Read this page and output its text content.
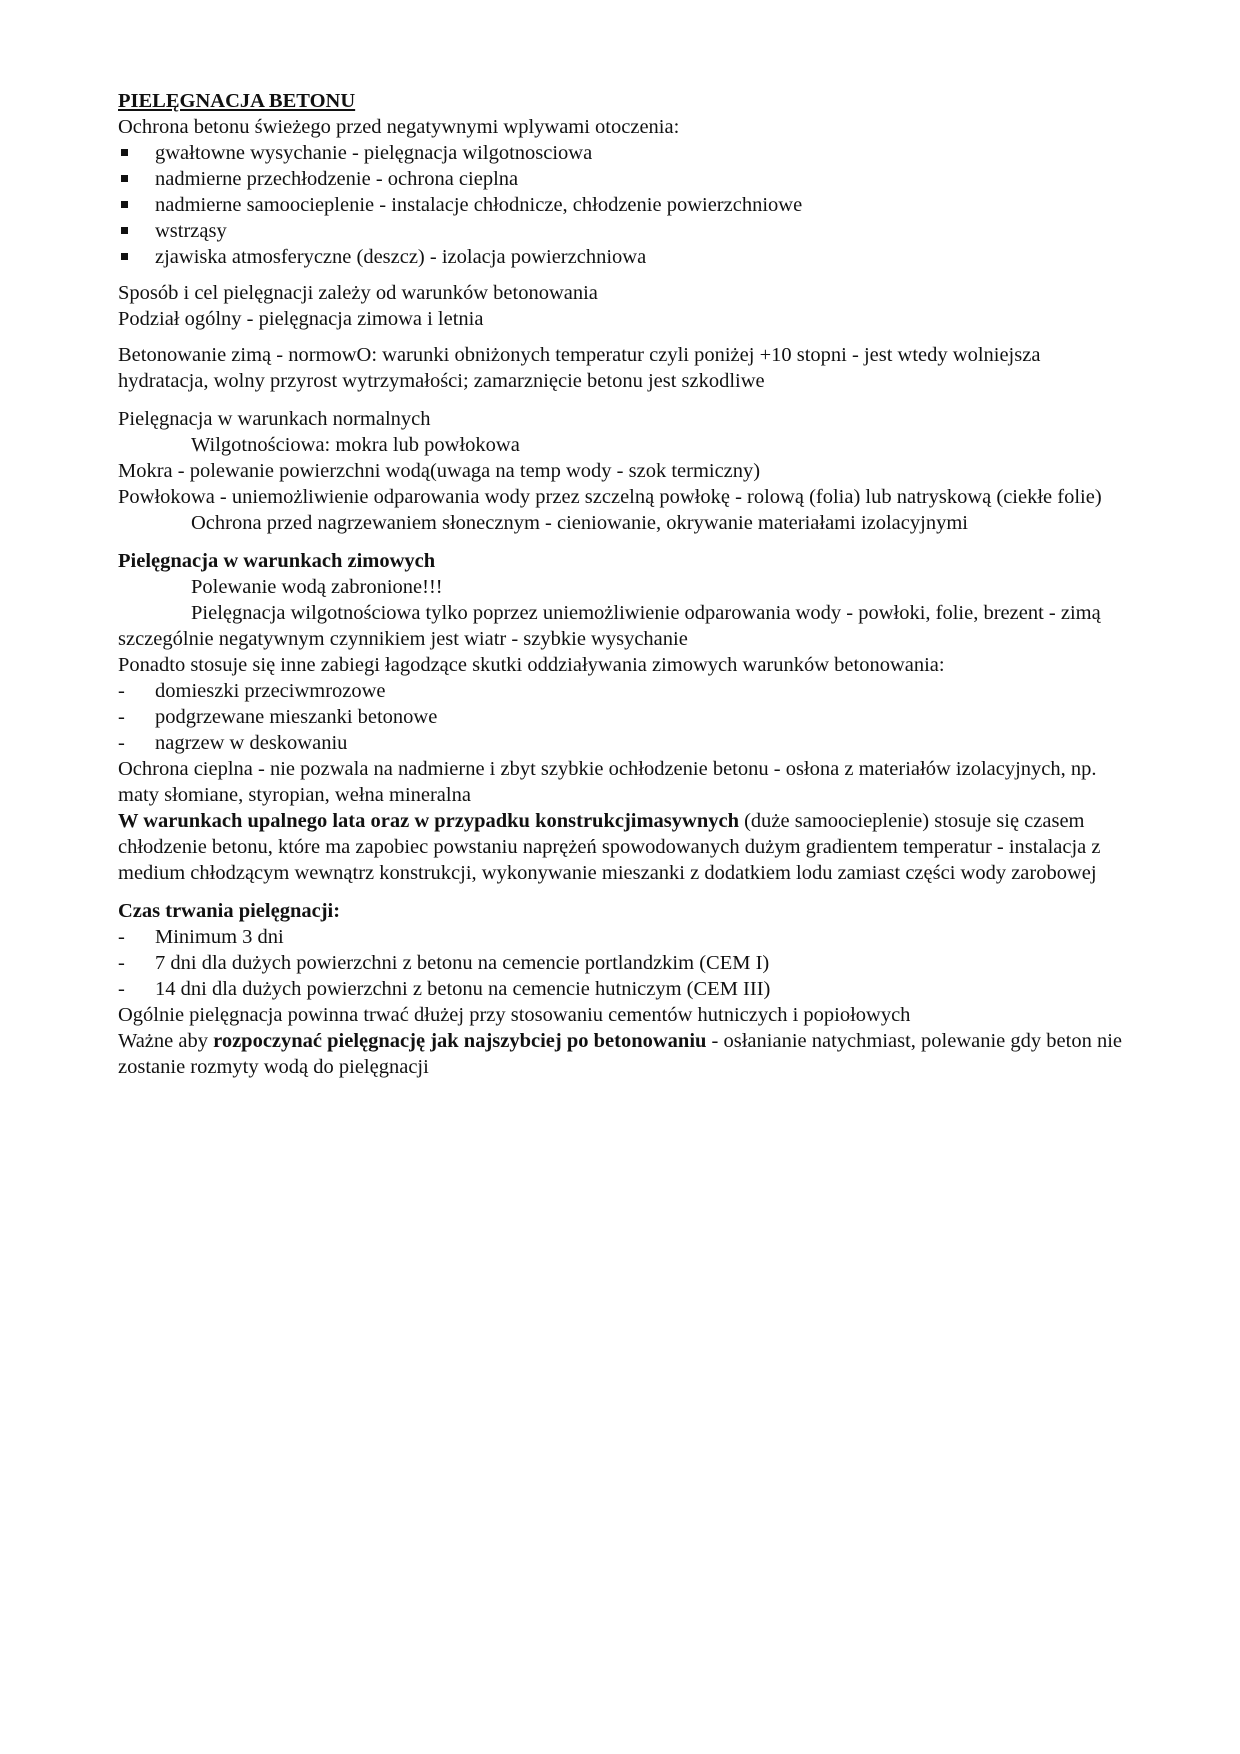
PIELĘGNACJA BETONU

Ochrona betonu świeżego przed negatywnymi wplywami otoczenia:

gwałtowne wysychanie - pielęgnacja wilgotnosciowa
nadmierne przechłodzenie - ochrona cieplna
nadmierne samoocieplenie - instalacje chłodnicze, chłodzenie powierzchniowe
wstrząsy
zjawiska atmosferyczne (deszcz) - izolacja powierzchniowa

Sposób i cel pielęgnacji zależy od warunków betonowania

Podział ogólny - pielęgnacja zimowa i letnia

Betonowanie zimą - normowO: warunki obniżonych temperatur czyli poniżej +10 stopni - jest wtedy wolniejsza hydratacja, wolny przyrost wytrzymałości; zamarznięcie betonu jest szkodliwe

Pielęgnacja w warunkach normalnych

Wilgotnościowa: mokra lub powłokowa

Mokra - polewanie powierzchni wodą(uwaga na temp wody - szok termiczny)

Powłokowa - uniemożliwienie odparowania wody przez szczelną powłokę - rolową (folia) lub natryskową (ciekłe folie)

Ochrona przed nagrzewaniem słonecznym - cieniowanie, okrywanie materiałami izolacyjnymi

Pielęgnacja w warunkach zimowych

Polewanie wodą zabronione!!!

Pielęgnacja wilgotnościowa tylko poprzez uniemożliwienie odparowania wody - powłoki, folie, brezent - zimą szczególnie negatywnym czynnikiem jest wiatr - szybkie wysychanie

Ponadto stosuje się inne zabiegi łagodzące skutki oddziaływania zimowych warunków betonowania:

- domieszki przeciwmrozowe
- podgrzewane mieszanki betonowe
- nagrzew w deskowaniu

Ochrona cieplna - nie pozwala na nadmierne i zbyt szybkie ochłodzenie betonu - osłona z materiałów izolacyjnych, np. maty słomiane, styropian, wełna mineralna

W warunkach upalnego lata oraz w przypadku konstrukcjimasywnych (duże samoocieplenie) stosuje się czasem chłodzenie betonu, które ma zapobiec powstaniu naprężeń spowodowanych dużym gradientem temperatur - instalacja z medium chłodzącym wewnątrz konstrukcji, wykonywanie mieszanki z dodatkiem lodu zamiast części wody zarobowej

Czas trwania pielęgnacji:

- Minimum 3 dni
- 7 dni dla dużych powierzchni z betonu na cemencie portlandzkim (CEM I)
- 14 dni dla dużych powierzchni z betonu na cemencie hutniczym (CEM III)

Ogólnie pielęgnacja powinna trwać dłużej przy stosowaniu cementów hutniczych i popiołowych

Ważne aby rozpoczynać pielęgnację jak najszybciej po betonowaniu - osłanianie natychmiast, polewanie gdy beton nie zostanie rozmyty wodą do pielęgnacji
